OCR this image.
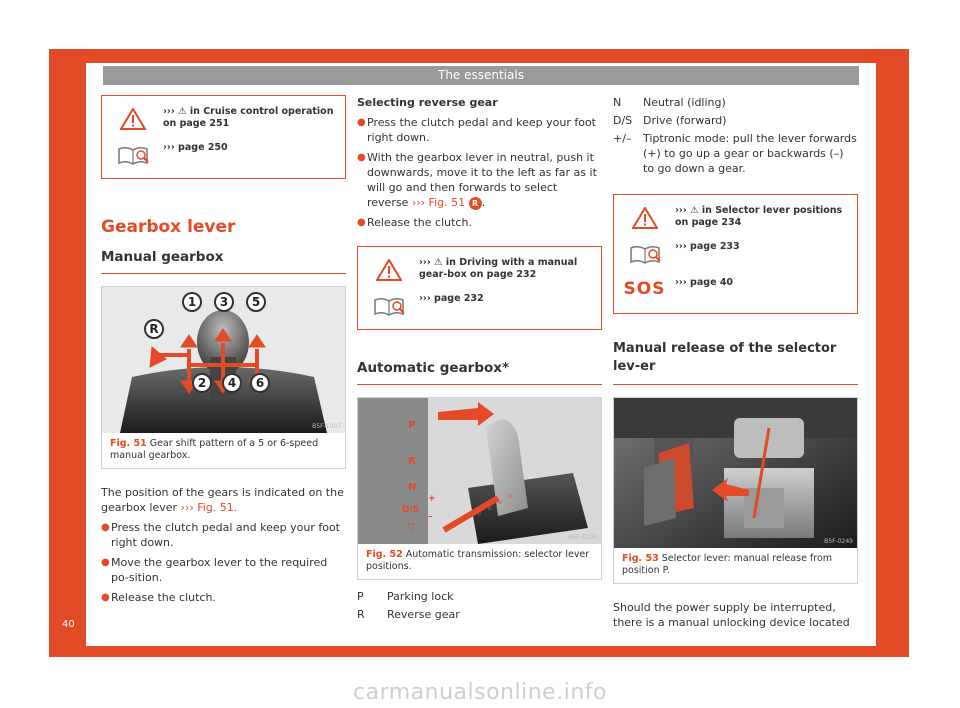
The essentials
40
carmanualsonline.info
››› ⚠ in Cruise control operation on page 251
››› page 250
Gearbox lever
Manual gearbox
1	3	5
R
2	4	6
B5F-1007
Fig. 51 Gear shift pattern of a 5 or 6-speed manual gearbox.

The position of the gears is indicated on the gearbox lever ››› Fig. 51.

● Press the clutch pedal and keep your foot right down.
● Move the gearbox lever to the required po-sition.
● Release the clutch.
Selecting reverse gear
● Press the clutch pedal and keep your foot right down.
● With the gearbox lever in neutral, push it downwards, move it to the left as far as it will go and then forwards to select reverse ››› Fig. 51 R .
● Release the clutch.
››› ⚠ in Driving with a manual gear-box on page 232
››› page 232
Automatic gearbox*
P
R
N
D
P
R
N
D/S
+
–
▽
B5F-0206
Fig. 52 Automatic transmission: selector lever positions.
P	Parking lock
R	Reverse gear
N	Neutral (idling)
D/S Drive (forward)
+/–	Tiptronic mode: pull the lever forwards (+) to go up a gear or backwards (–) to go down a gear.
››› ⚠ in Selector lever positions on page 234
››› page 233
SOS	››› page 40
Manual release of the selector lev-er
B5F-0249
Fig. 53 Selector lever: manual release from position P.
Should the power supply be interrupted, there is a manual unlocking device located
